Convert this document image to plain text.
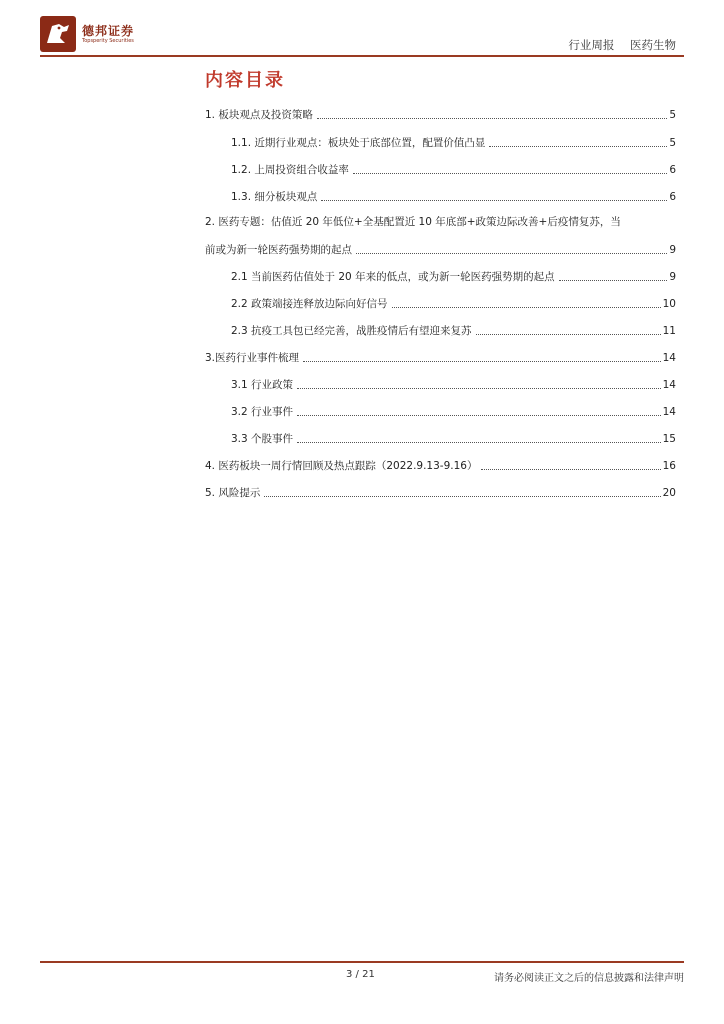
德邦证券
Topsperity Securities	行业周报 医药生物
内容目录
1. 板块观点及投资策略	5
1.1. 近期行业观点：板块处于底部位置，配置价值凸显	5
1.2. 上周投资组合收益率	6
1.3. 细分板块观点	6
2. 医药专题：估值近 20 年低位+全基配置近 10 年底部+政策边际改善+后疫情复苏，当
前或为新一轮医药强势期的起点	9
2.1 当前医药估值处于 20 年来的低点，或为新一轮医药强势期的起点	9
2.2 政策端接连释放边际向好信号	10
2.3 抗疫工具包已经完善，战胜疫情后有望迎来复苏	11
3.医药行业事件梳理	14
3.1 行业政策	14
3.2 行业事件	14
3.3 个股事件	15
4. 医药板块一周行情回顾及热点跟踪（2022.9.13-9.16）	16
5. 风险提示	20
3 / 21	请务必阅读正文之后的信息披露和法律声明
